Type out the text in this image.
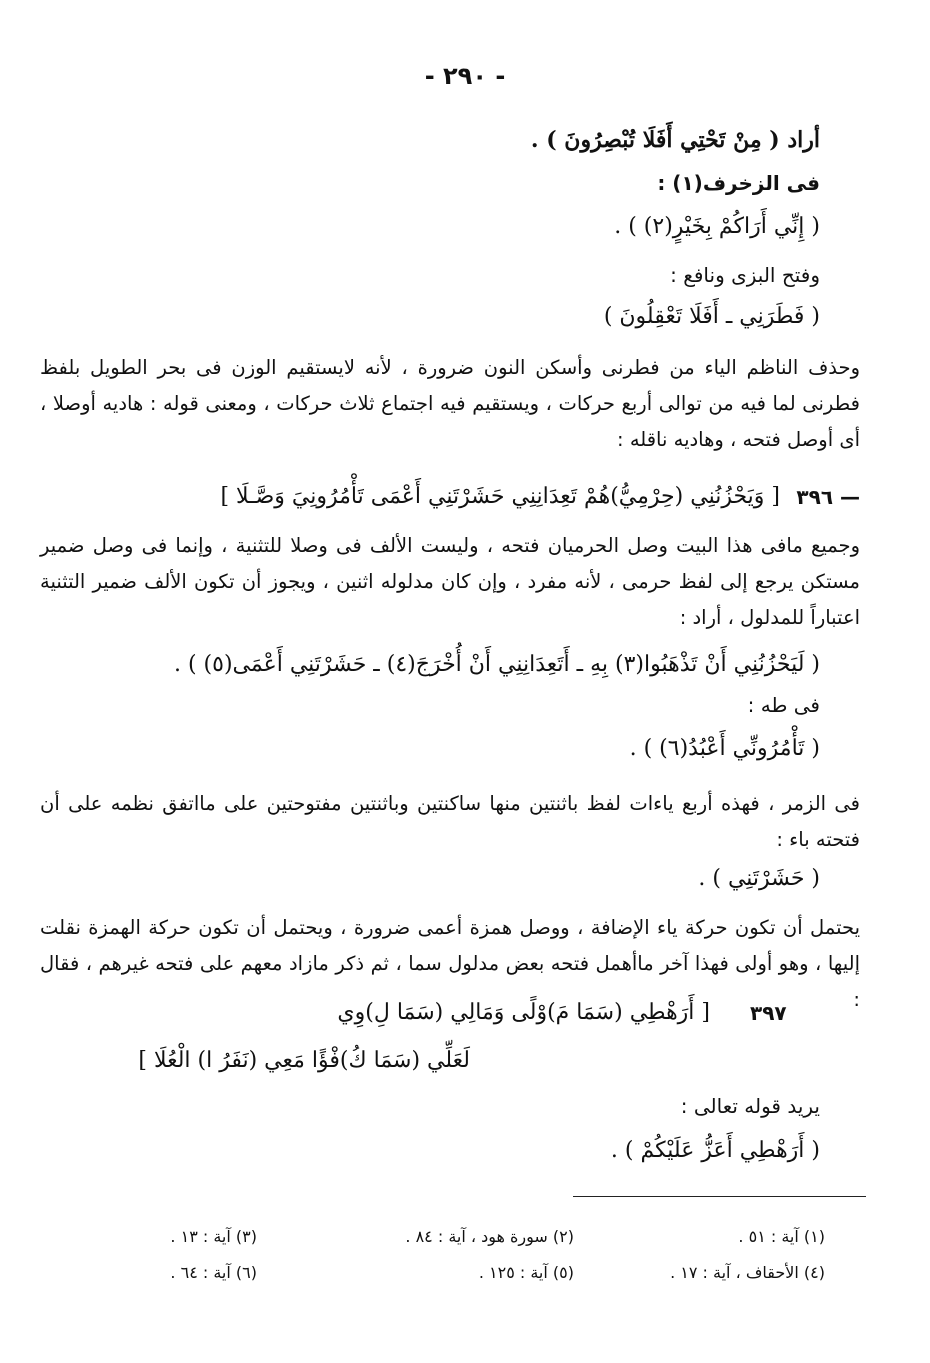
- ٢٩٠ -
أراد ( مِنْ تَحْتِي أَفَلَا تُبْصِرُونَ ) .
فى الزخرف(١) :
( إِنِّي أَرَاكُمْ بِخَيْرٍ(٢) ) .
وفتح البزى ونافع :
( فَطَرَنِي ـ أَفَلَا تَعْقِلُونَ )
وحذف الناظم الياء من فطرنى وأسكن النون ضرورة ، لأنه لايستقيم الوزن فى بحر الطويل بلفظ فطرنى لما فيه من توالى أربع حركات ، ويستقيم فيه اجتماع ثلاث حركات ، ومعنى قوله : هاديه أوصلا ، أى أوصل فتحه ، وهاديه ناقله :
٣٩٦ —
[ وَيَحْزُنُنِي (حِرْمِيُّ)هُمْ تَعِدَانِنِي حَشَرْتَنِي أَعْمَى تَأْمُرُونِيَ وَصَّـلَا ]
وجميع مافى هذا البيت وصل الحرميان فتحه ، وليست الألف فى وصلا للتثنية ، وإنما فى وصل ضمير مستكن يرجع إلى لفظ حرمى ، لأنه مفرد ، وإن كان مدلوله اثنين ، ويجوز أن تكون الألف ضمير التثنية اعتباراً للمدلول ، أراد :
( لَيَحْزُنُنِي أَنْ تَذْهَبُوا(٣) بِهِ ـ أَتَعِدَانِنِي أَنْ أُخْرَجَ(٤) ـ حَشَرْتَنِي أَعْمَى(٥) ) .
فى طه :
( تَأْمُرُونِّي أَعْبُدُ(٦) ) .
فى الزمر ، فهذه أربع ياءات لفظ باثنتين منها ساكنتين وباثنتين مفتوحتين على مااتفق نظمه على أن فتحته باء :
( حَشَرْتَنِي ) .
يحتمل أن تكون حركة ياء الإضافة ، ووصل همزة أعمى ضرورة ، ويحتمل أن تكون حركة الهمزة نقلت إليها ، وهو أولى فهذا آخر ماأهمل فتحه بعض مدلول سما ، ثم ذكر مازاد معهم على فتحه غيرهم ، فقال :
٣٩٧
[ أَرَهْطِي (سَمَا مَ)وْلًى وَمَالِي (سَمَا لِ)وِي
لَعَلِّي (سَمَا كُ)فْؤًا مَعِي (نَفَرُ ا) الْعُلَا ]
يريد قوله تعالى :
( أَرَهْطِي أَعَزُّ عَلَيْكُمْ ) .
(١) آية : ٥١ .
(٢) سورة هود ، آية : ٨٤ .
(٣) آية : ١٣ .
(٤) الأحقاف ، آية : ١٧ .
(٥) آية : ١٢٥ .
(٦) آية : ٦٤ .
